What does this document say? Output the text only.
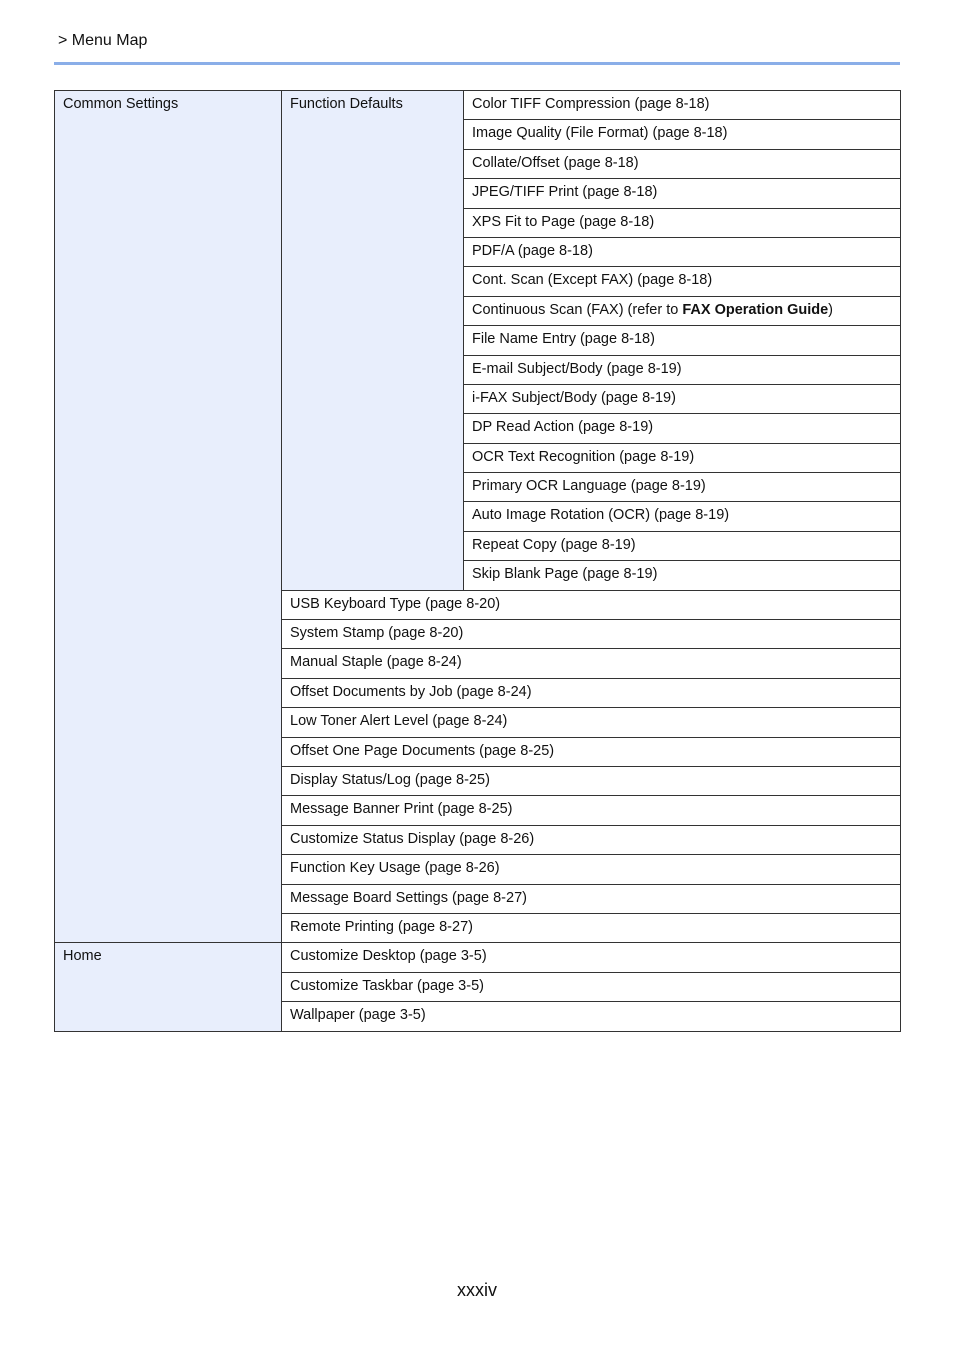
> Menu Map
Common Settings	Function Defaults	Color TIFF Compression (page 8-18)
		Image Quality (File Format) (page 8-18)
		Collate/Offset (page 8-18)
		JPEG/TIFF Print (page 8-18)
		XPS Fit to Page (page 8-18)
		PDF/A (page 8-18)
		Cont. Scan (Except FAX) (page 8-18)
		Continuous Scan (FAX) (refer to FAX Operation Guide)
		File Name Entry (page 8-18)
		E-mail Subject/Body (page 8-19)
		i-FAX Subject/Body (page 8-19)
		DP Read Action (page 8-19)
		OCR Text Recognition (page 8-19)
		Primary OCR Language (page 8-19)
		Auto Image Rotation (OCR) (page 8-19)
		Repeat Copy (page 8-19)
		Skip Blank Page (page 8-19)
	USB Keyboard Type (page 8-20)	
	System Stamp (page 8-20)	
	Manual Staple (page 8-24)	
	Offset Documents by Job (page 8-24)	
	Low Toner Alert Level (page 8-24)	
	Offset One Page Documents (page 8-25)	
	Display Status/Log (page 8-25)	
	Message Banner Print (page 8-25)	
	Customize Status Display (page 8-26)	
	Function Key Usage (page 8-26)	
	Message Board Settings (page 8-27)	
	Remote Printing (page 8-27)	
Home	Customize Desktop (page 3-5)	
	Customize Taskbar (page 3-5)	
	Wallpaper (page 3-5)	
xxxiv
